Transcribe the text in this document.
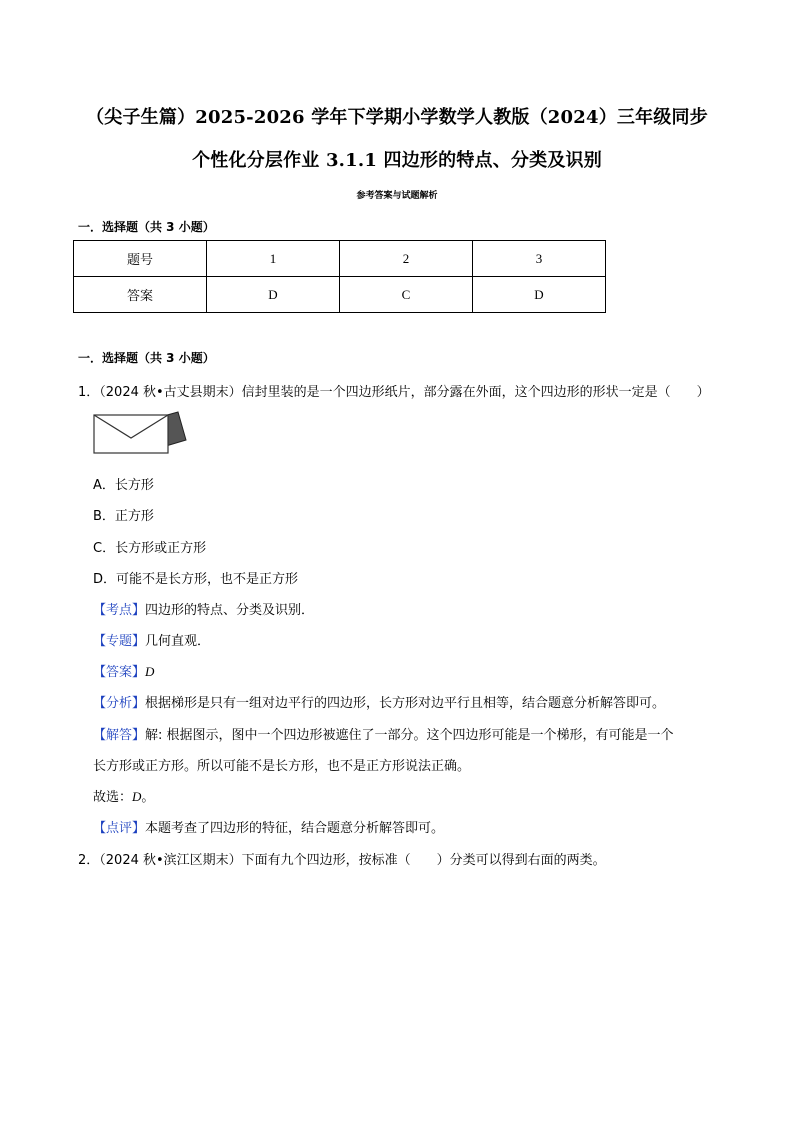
（尖子生篇）2025-2026 学年下学期小学数学人教版（2024）三年级同步
个性化分层作业 3.1.1 四边形的特点、分类及识别
参考答案与试题解析
一．选择题（共 3 小题）
题号	1	2	3
答案	D	C	D
一．选择题（共 3 小题）
1．（2024 秋•古丈县期末）信封里装的是一个四边形纸片，部分露在外面，这个四边形的形状一定是（　　）
A．长方形
B．正方形
C．长方形或正方形
D．可能不是长方形，也不是正方形
【考点】四边形的特点、分类及识别．
【专题】几何直观．
【答案】D
【分析】根据梯形是只有一组对边平行的四边形，长方形对边平行且相等，结合题意分析解答即可。
【解答】解: 根据图示，图中一个四边形被遮住了一部分。这个四边形可能是一个梯形，有可能是一个
长方形或正方形。所以可能不是长方形，也不是正方形说法正确。
故选：D。
【点评】本题考查了四边形的特征，结合题意分析解答即可。
2．（2024 秋•滨江区期末）下面有九个四边形，按标准（　　）分类可以得到右面的两类。
